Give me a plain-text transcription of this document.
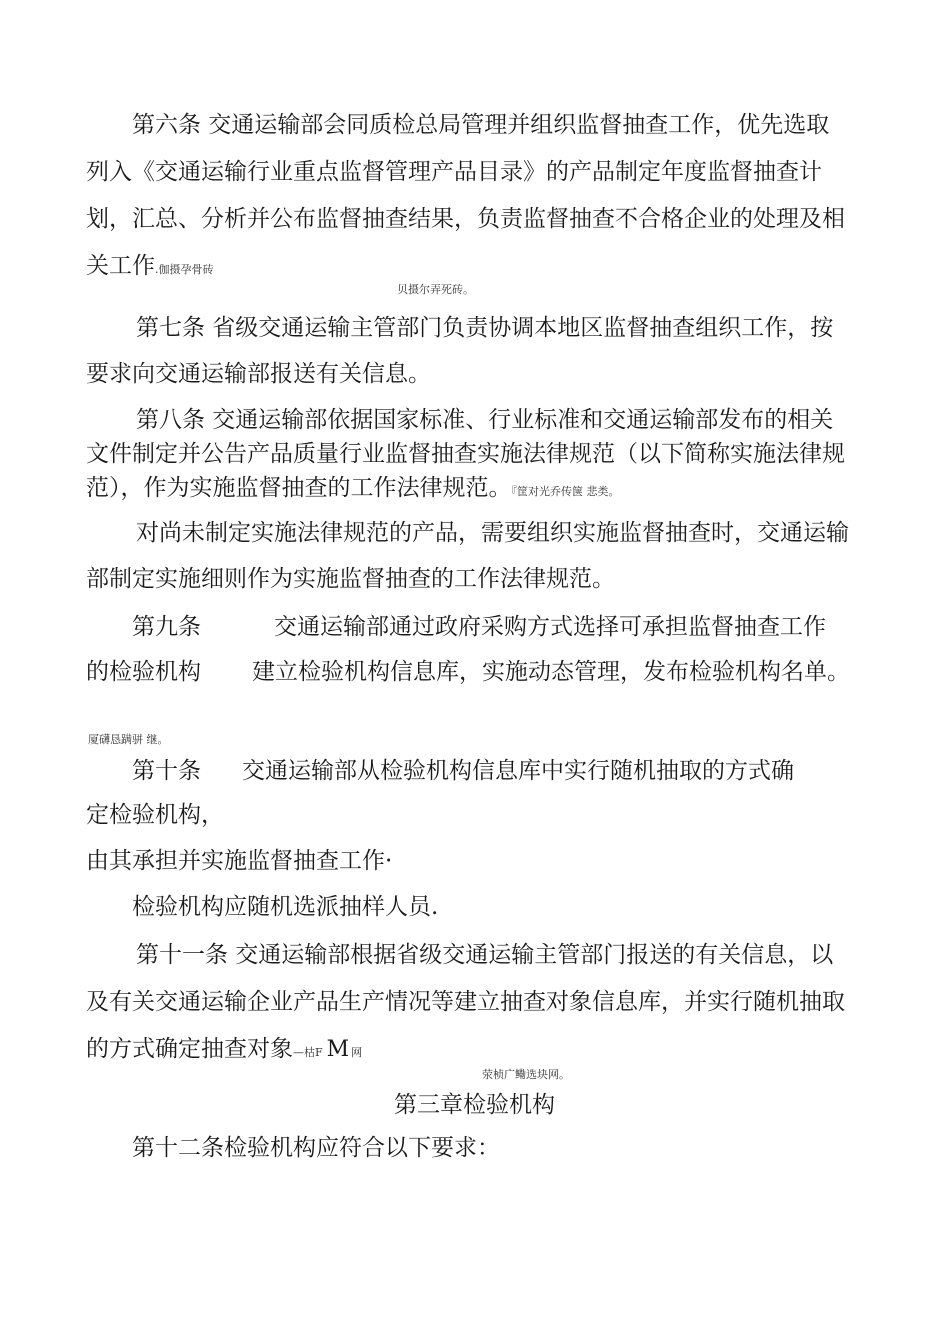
第六条 交通运输部会同质检总局管理并组织监督抽查工作，优先选取
列入《交通运输行业重点监督管理产品目录》的产品制定年度监督抽查计
划，汇总、分析并公布监督抽查结果，负责监督抽查不合格企业的处理及相
关工作.伽摄孕骨砖
贝摄尔弄死砖。
第七条 省级交通运输主管部门负责协调本地区监督抽查组织工作，按
要求向交通运输部报送有关信息。
第八条 交通运输部依据国家标准、行业标准和交通运输部发布的相关
文件制定并公告产品质量行业监督抽查实施法律规范（以下简称实施法律规
范），作为实施监督抽查的工作法律规范。『筐对光乔传箧 悲类。
对尚未制定实施法律规范的产品，需要组织实施监督抽查时，交通运输
部制定实施细则作为实施监督抽查的工作法律规范。
第九条	交通运输部通过政府采购方式选择可承担监督抽查工作
的检验机构 建立检验机构信息库，实施动态管理，发布检验机构名单。
厦礴恳蹒骈 继。
第十条 交通运输部从检验机构信息库中实行随机抽取的方式确
定检验机构，
由其承担并实施监督抽查工作·
检验机构应随机选派抽样人员.
第十一条 交通运输部根据省级交通运输主管部门报送的有关信息，以
及有关交通运输企业产品生产情况等建立抽查对象信息库，并实行随机抽取
的方式确定抽查对象—枯F M 网
荥桢广鳓选块网。
第三章检验机构
第十二条检验机构应符合以下要求：
